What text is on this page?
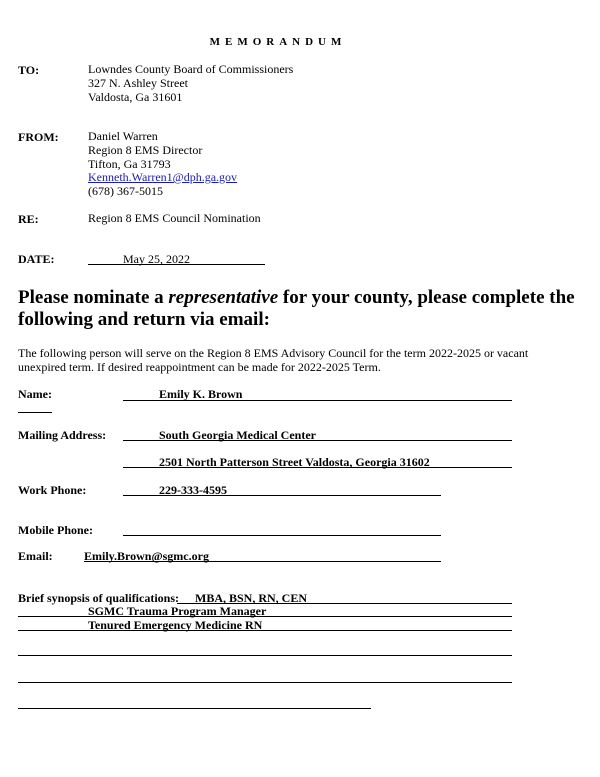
MEMORANDUM
TO:	Lowndes County Board of Commissioners
327 N. Ashley Street
Valdosta, Ga 31601
FROM: Daniel Warren
Region 8 EMS Director
Tifton, Ga 31793
Kenneth.Warren1@dph.ga.gov
(678) 367-5015
RE:	Region 8 EMS Council Nomination
DATE:	May 25, 2022
Please nominate a representative for your county, please complete the following and return via email:
The following person will serve on the Region 8 EMS Advisory Council for the term 2022-2025 or vacant unexpired term. If desired reappointment can be made for 2022-2025 Term.
Name:	Emily K. Brown
Mailing Address:	South Georgia Medical Center
2501 North Patterson Street Valdosta, Georgia 31602
Work Phone:	229-333-4595
Mobile Phone:
Email:	Emily.Brown@sgmc.org
Brief synopsis of qualifications: MBA, BSN, RN, CEN
SGMC Trauma Program Manager
Tenured Emergency Medicine RN
